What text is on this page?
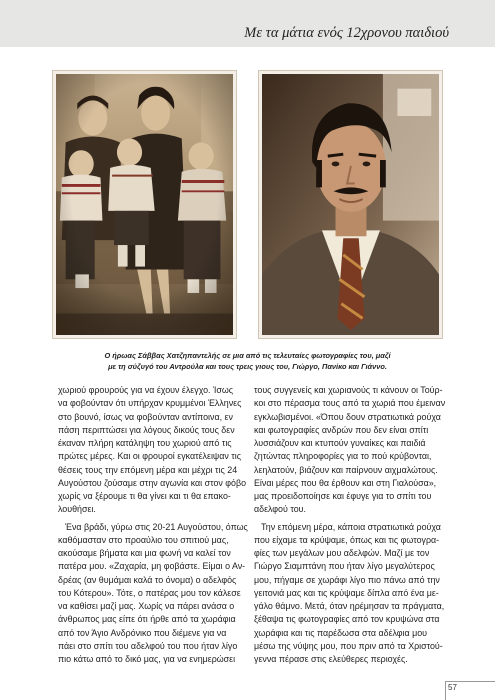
Με τα μάτια ενός 12χρονου παιδιού
Ο ήρωας Σάββας Χατζηπαντελής σε μια από τις τελευταίες φωτογραφίες του, μαζί
με τη σύζυγό του Αντρούλα και τους τρεις γιους του, Γιώργο, Πανίκο και Γιάννο.
χωριού φρουρούς για να έχουν έλεγχο. Ίσως
να φοβούνταν ότι υπήρχαν κρυμμένοι Έλληνες
στο βουνό, ίσως να φοβούνταν αντίποινα, εν
πάση περιπτώσει για λόγους δικούς τους δεν
έκαναν πλήρη κατάληψη του χωριού από τις
πρώτες μέρες. Και οι φρουροί εγκατέλειψαν τις
θέσεις τους την επόμενη μέρα και μέχρι τις 24
Αυγούστου ζούσαμε στην αγωνία και στον φόβο
χωρίς να ξέρουμε τι θα γίνει και τι θα επακο-
λουθήσει.
Ένα βράδι, γύρω στις 20-21 Αυγούστου, όπως
καθόμασταν στο προαύλιο του σπιτιού μας,
ακούσαμε βήματα και μια φωνή να καλεί τον
πατέρα μου. «Ζαχαρία, μη φοβάστε. Είμαι ο Αν-
δρέας (αν θυμάμαι καλά το όνομα) ο αδελφός
του Κότερου». Τότε, ο πατέρας μου τον κάλεσε
να καθίσει μαζί μας. Χωρίς να πάρει ανάσα ο
άνθρωπος μας είπε ότι ήρθε από τα χωράφια
από τον Άγιο Ανδρόνικο που διέμενε για να
πάει στο σπίτι του αδελφού του που ήταν λίγο
πιο κάτω από το δικό μας, για να ενημερώσει
τους συγγενείς και χωριανούς τι κάνουν οι Τούρ-
κοι στο πέρασμα τους από τα χωριά που έμειναν
εγκλωβισμένοι. «Όπου δουν στρατιωτικά ρούχα
και φωτογραφίες ανδρών που δεν είναι σπίτι
λυσσιάζουν και κτυπούν γυναίκες και παιδιά
ζητώντας πληροφορίες για το πού κρύβονται,
λεηλατούν, βιάζουν και παίρνουν αιχμαλώτους.
Είναι μέρες που θα έρθουν και στη Γιαλούσα»,
μας προειδοποίησε και έφυγε για το σπίτι του
αδελφού του.
Την επόμενη μέρα, κάποια στρατιωτικά ρούχα
που είχαμε τα κρύψαμε, όπως και τις φωτογρα-
φίες των μεγάλων μου αδελφών. Μαζί με τον
Γιώργο Σιαμπτάνη που ήταν λίγο μεγαλύτερος
μου, πήγαμε σε χωράφι λίγο πιο πάνω από την
γειτονιά μας και τις κρύψαμε δίπλα από ένα με-
γάλο θάμνο. Μετά, όταν ηρέμησαν τα πράγματα,
ξέθαψα τις φωτογραφίες από τον κρυψώνα στα
χωράφια και τις παρέδωσα στα αδέλφια μου
μέσω της νύψης μου, που πριν από τα Χριστού-
γεννα πέρασε στις ελεύθερες περιοχές.
57
